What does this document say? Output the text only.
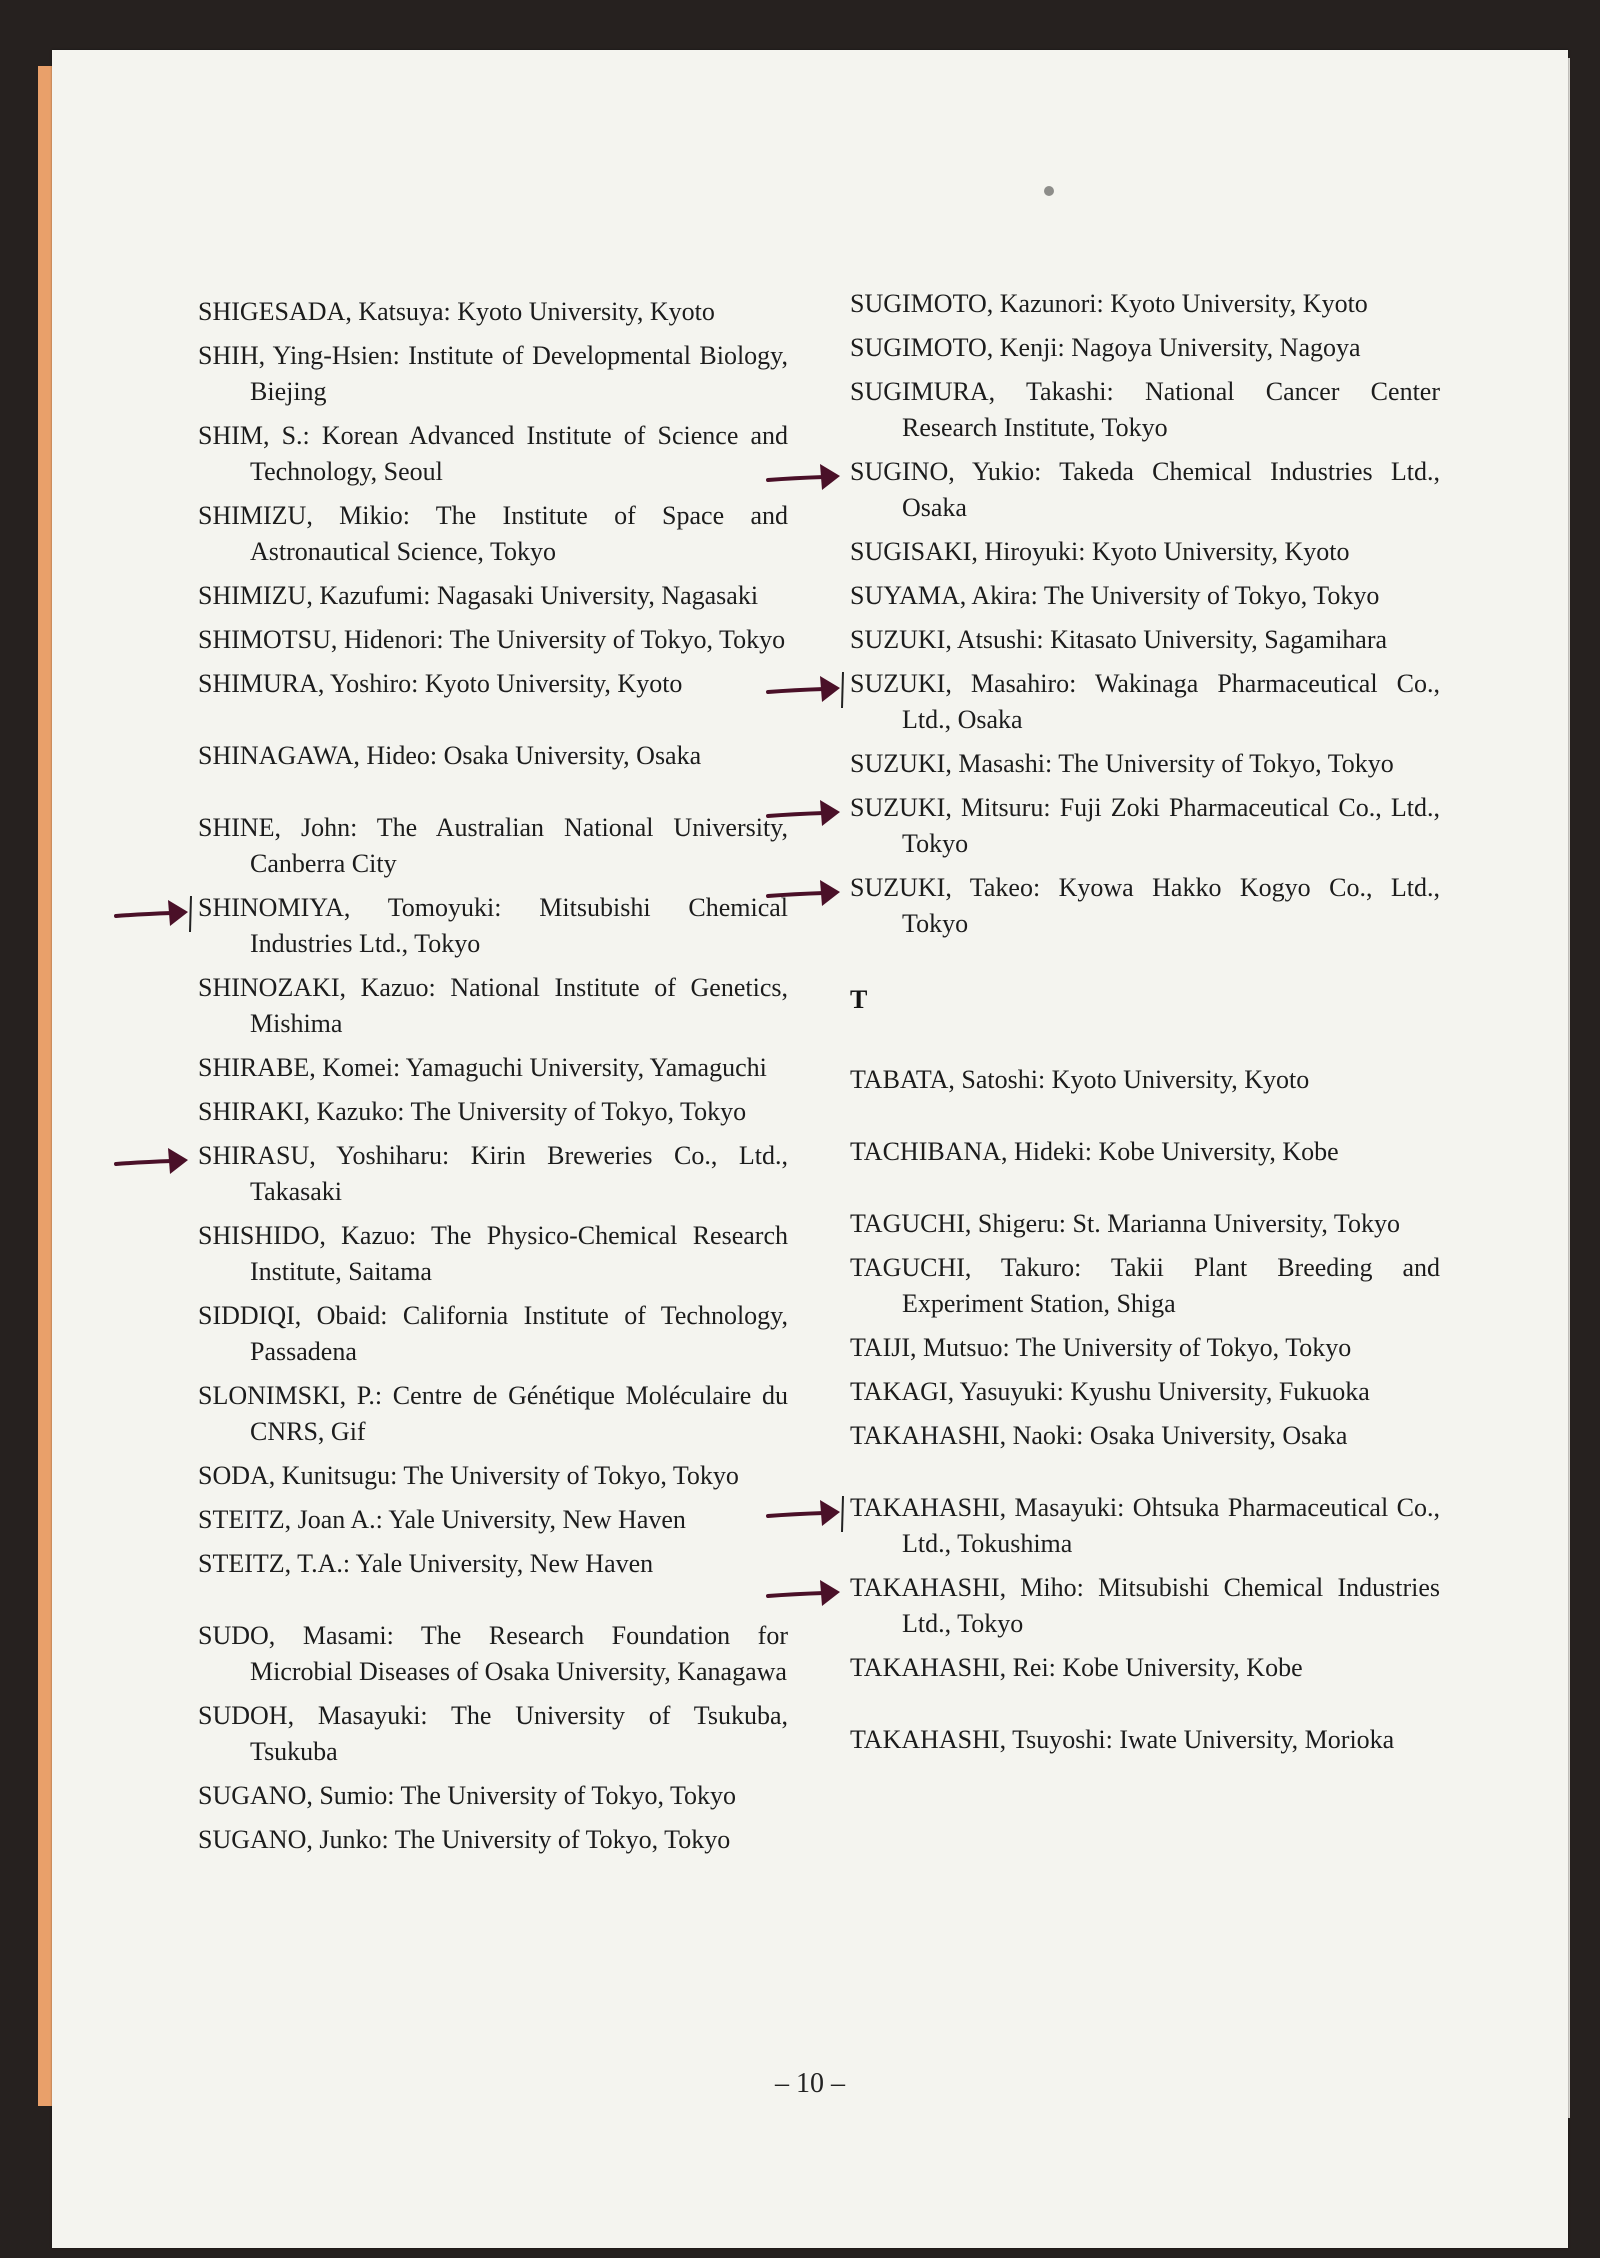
SHIGESADA, Katsuya: Kyoto University, Kyoto
SHIH, Ying-Hsien: Institute of Developmental Biology, Biejing
SHIM, S.: Korean Advanced Institute of Science and Technology, Seoul
SHIMIZU, Mikio: The Institute of Space and Astronautical Science, Tokyo
SHIMIZU, Kazufumi: Nagasaki University, Nagasaki
SHIMOTSU, Hidenori: The University of Tokyo, Tokyo
SHIMURA, Yoshiro: Kyoto University, Kyoto
SHINAGAWA, Hideo: Osaka University, Osaka
SHINE, John: The Australian National University, Canberra City
SHINOMIYA, Tomoyuki: Mitsubishi Chemical Industries Ltd., Tokyo
SHINOZAKI, Kazuo: National Institute of Genetics, Mishima
SHIRABE, Komei: Yamaguchi University, Yamaguchi
SHIRAKI, Kazuko: The University of Tokyo, Tokyo
SHIRASU, Yoshiharu: Kirin Breweries Co., Ltd., Takasaki
SHISHIDO, Kazuo: The Physico-Chemical Research Institute, Saitama
SIDDIQI, Obaid: California Institute of Technology, Passadena
SLONIMSKI, P.: Centre de Génétique Moléculaire du CNRS, Gif
SODA, Kunitsugu: The University of Tokyo, Tokyo
STEITZ, Joan A.: Yale University, New Haven
STEITZ, T.A.: Yale University, New Haven
SUDO, Masami: The Research Foundation for Microbial Diseases of Osaka University, Kanagawa
SUDOH, Masayuki: The University of Tsukuba, Tsukuba
SUGANO, Sumio: The University of Tokyo, Tokyo
SUGANO, Junko: The University of Tokyo, Tokyo
SUGIMOTO, Kazunori: Kyoto University, Kyoto
SUGIMOTO, Kenji: Nagoya University, Nagoya
SUGIMURA, Takashi: National Cancer Center Research Institute, Tokyo
SUGINO, Yukio: Takeda Chemical Industries Ltd., Osaka
SUGISAKI, Hiroyuki: Kyoto University, Kyoto
SUYAMA, Akira: The University of Tokyo, Tokyo
SUZUKI, Atsushi: Kitasato University, Sagamihara
SUZUKI, Masahiro: Wakinaga Pharmaceutical Co., Ltd., Osaka
SUZUKI, Masashi: The University of Tokyo, Tokyo
SUZUKI, Mitsuru: Fuji Zoki Pharmaceutical Co., Ltd., Tokyo
SUZUKI, Takeo: Kyowa Hakko Kogyo Co., Ltd., Tokyo
T
TABATA, Satoshi: Kyoto University, Kyoto
TACHIBANA, Hideki: Kobe University, Kobe
TAGUCHI, Shigeru: St. Marianna University, Tokyo
TAGUCHI, Takuro: Takii Plant Breeding and Experiment Station, Shiga
TAIJI, Mutsuo: The University of Tokyo, Tokyo
TAKAGI, Yasuyuki: Kyushu University, Fukuoka
TAKAHASHI, Naoki: Osaka University, Osaka
TAKAHASHI, Masayuki: Ohtsuka Pharmaceutical Co., Ltd., Tokushima
TAKAHASHI, Miho: Mitsubishi Chemical Industries Ltd., Tokyo
TAKAHASHI, Rei: Kobe University, Kobe
TAKAHASHI, Tsuyoshi: Iwate University, Morioka
– 10 –
